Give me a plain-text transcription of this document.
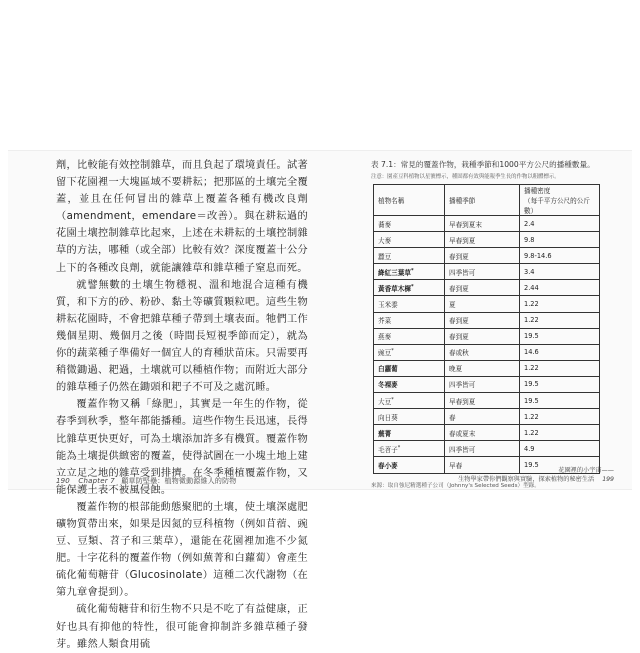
劑，比較能有效控制雜草，而且負起了環境責任。試著留下花園裡一大塊區域不要耕耘；把那區的土壤完全覆蓋，並且在任何冒出的雜草上覆蓋各種有機改良劑（amendment，emendare＝改善）。與在耕耘過的花園土壤控制雜草比起來，上述在未耕耘的土壤控制雜草的方法，哪種（或全部）比較有效？深度覆蓋十公分上下的各種改良劑，就能讓雜草和雜草種子窒息而死。

就譬無數的土壤生物穩視、溫和地混合這種有機質，和下方的砂、粉砂、黏土等礦質顆粒吧。這些生物耕耘花園時，不會把雜草種子帶到土壤表面。牠們工作幾個星期、幾個月之後（時間長短視季節而定），就為你的蔬菜種子準備好一個宜人的育種狀苗床。只需要再稍微鋤過、耙過，土壤就可以種植作物；而附近大部分的雜草種子仍然在鋤頭和耙子不可及之處沉睡。

覆蓋作物又稱「綠肥」，其實是一年生的作物，從春季到秋季，整年都能播種。這些作物生長迅速，長得比雜草更快更好，可為土壤添加許多有機質。覆蓋作物能為土壤提供緻密的覆蓋，使得試圖在一小塊土地上建立立足之地的雜草受到排擠。在冬季種植覆蓋作物，又能保護土表不被風侵蝕。

覆蓋作物的根部能動態聚肥的土壤，使土壤深處肥礦物質帶出來，如果是因氮的豆科植物（例如苜蓿、豌豆、豆類、苕子和三葉草），還能在花園裡加進不少氮肥。十字花科的覆蓋作物（例如蕪菁和白蘿蔔）會產生硫化葡萄糖苷（Glucosinolate）這種二次代謝物（在第九章會提到）。

硫化葡萄糖苷和衍生物不只是不吃了有益健康，正好也具有抑他的特性，很可能會抑制許多雜草種子發芽。雖然人類食用硫

190 Chapter 7 顧草防堅壘：植物微動源維人的防物
表 7.1：常見的覆蓋作物，栽種季節和1000平方公尺的播種數量。
注意：園產豆科植物以星號標示，種固都有效與能報季生長的作物以粗體標示。
植物名稱	播種季節	播種密度
（每千平方公尺的公斤數）
蕎麥	早春到夏末	2.4
大麥	早春到夏	9.8
蠶豆	春到夏	9.8-14.6
絳紅三葉草*	四季皆可	3.4
黃香草木樨*	春到夏	2.44
玉米黍	夏	1.22
芥菜	春到夏	1.22
燕麥	春到夏	19.5
豌豆*	春或秋	14.6
白蘿蔔	晚夏	1.22
冬裸麥	四季皆可	19.5
大豆*	早春到夏	19.5
向日葵	春	1.22
蕪菁	春或夏末	1.22
毛苕子*	四季皆可	4.9
春小麥	早春	19.5
來源：取自強尼精選種子公司（Johnny's Selected Seeds）型錄。
花園裡的小宇宙——
生物學家帶你們觀察與實驗，探索植物的秘密生活 199
